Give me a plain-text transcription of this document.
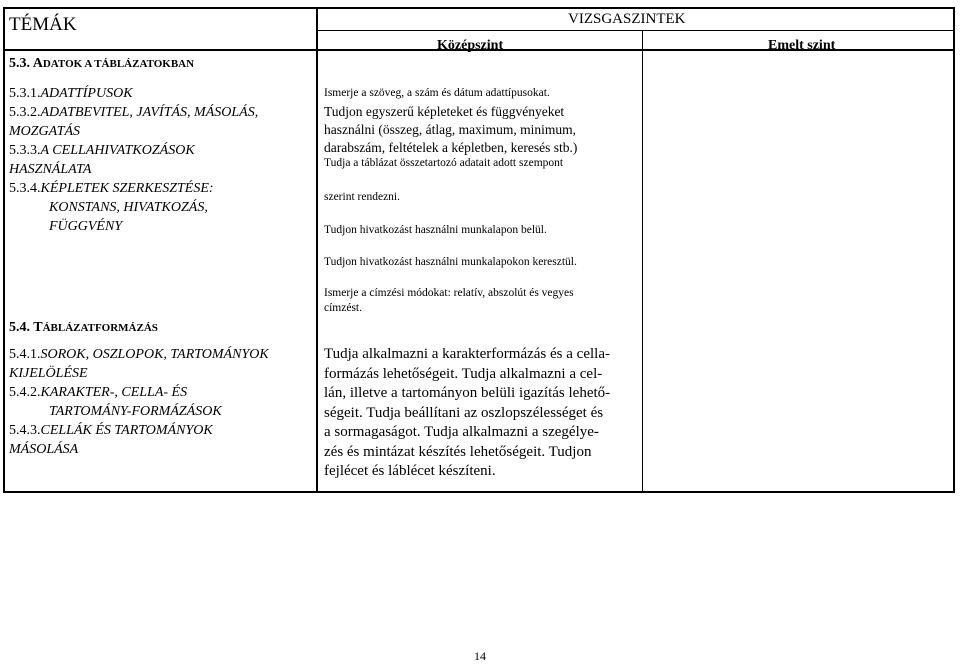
TÉMÁK	VIZSGASZINTEK
Középszint	Emelt szint
5.3. ADATOK A TÁBLÁZATOKBAN
5.3.1.ADATTÍPUSOK
5.3.2.ADATBEVITEL, JAVÍTÁS, MÁSOLÁS,
MOZGATÁS
5.3.3.A CELLAHIVATKOZÁSOK
HASZNÁLATA
5.3.4.KÉPLETEK SZERKESZTÉSE:
KONSTANS, HIVATKOZÁS,
FÜGGVÉNY
5.4. TÁBLÁZATFORMÁZÁS
5.4.1.SOROK, OSZLOPOK, TARTOMÁNYOK
KIJELÖLÉSE
5.4.2.KARAKTER-, CELLA- ÉS
TARTOMÁNY-FORMÁZÁSOK
5.4.3.CELLÁK ÉS TARTOMÁNYOK
MÁSOLÁSA
Ismerje a szöveg, a szám és dátum adattípusokat.
Tudjon egyszerű képleteket és függvényeket
használni (összeg, átlag, maximum, minimum,
darabszám, feltételek a képletben, keresés stb.)
Tudja a táblázat összetartozó adatait adott szempont
szerint rendezni.
Tudjon hivatkozást használni munkalapon belül.
Tudjon hivatkozást használni munkalapokon keresztül.
Ismerje a címzési módokat: relatív, abszolút és vegyes
címzést.
Tudja alkalmazni a karakterformázás és a cella-
formázás lehetőségeit. Tudja alkalmazni a cel-
lán, illetve a tartományon belüli igazítás lehető-
ségeit. Tudja beállítani az oszlopszélességet és
a sormagaságot. Tudja alkalmazni a szegélye-
zés és mintázat készítés lehetőségeit. Tudjon
fejlécet és láblécet készíteni.
14
